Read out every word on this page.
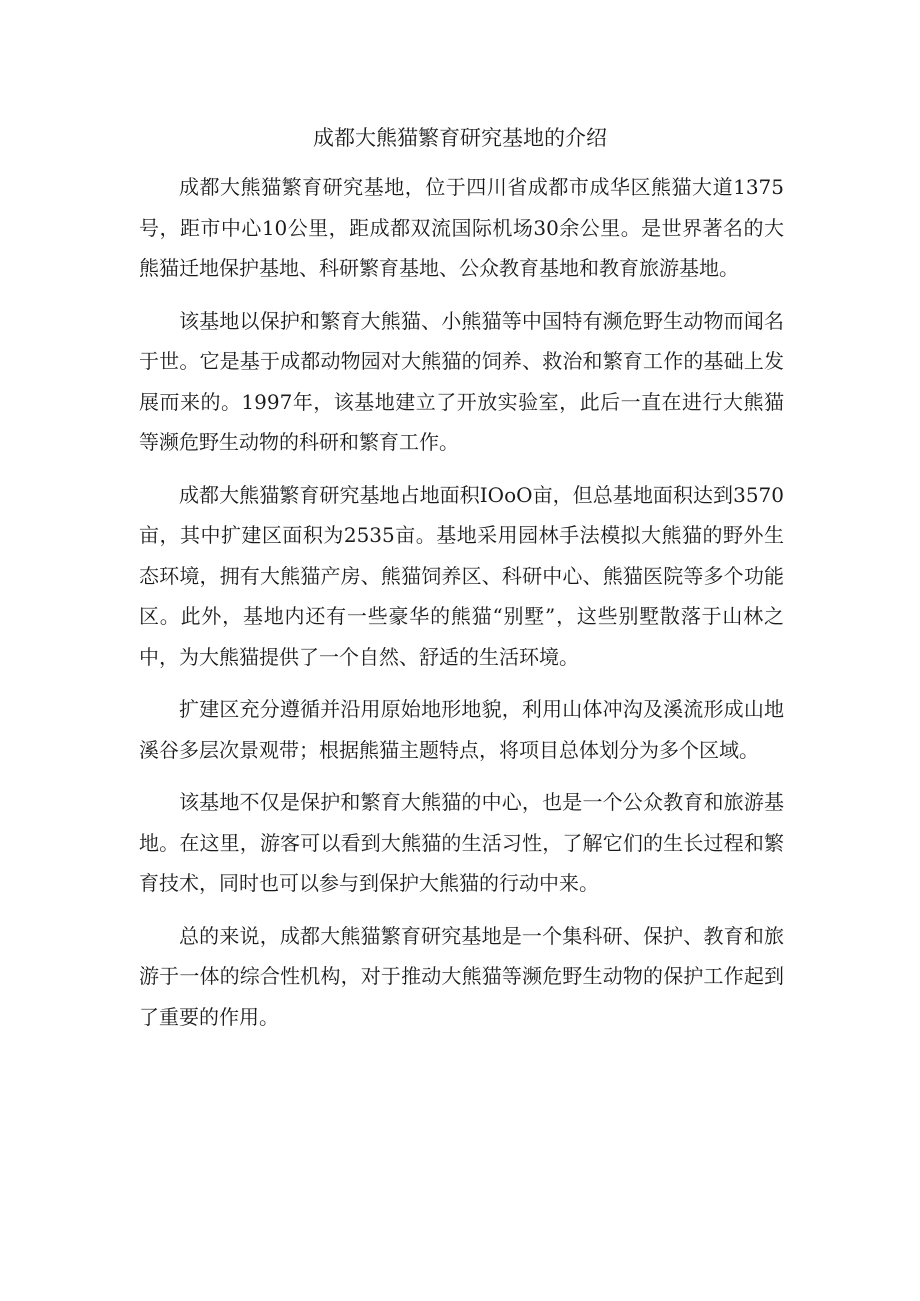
成都大熊猫繁育研究基地的介绍

成都大熊猫繁育研究基地，位于四川省成都市成华区熊猫大道1375号，距市中心10公里，距成都双流国际机场30余公里。是世界著名的大熊猫迁地保护基地、科研繁育基地、公众教育基地和教育旅游基地。

该基地以保护和繁育大熊猫、小熊猫等中国特有濒危野生动物而闻名于世。它是基于成都动物园对大熊猫的饲养、救治和繁育工作的基础上发展而来的。1997年，该基地建立了开放实验室，此后一直在进行大熊猫等濒危野生动物的科研和繁育工作。

成都大熊猫繁育研究基地占地面积IOoO亩，但总基地面积达到3570亩，其中扩建区面积为2535亩。基地采用园林手法模拟大熊猫的野外生态环境，拥有大熊猫产房、熊猫饲养区、科研中心、熊猫医院等多个功能区。此外，基地内还有一些豪华的熊猫“别墅”，这些别墅散落于山林之中，为大熊猫提供了一个自然、舒适的生活环境。

扩建区充分遵循并沿用原始地形地貌，利用山体冲沟及溪流形成山地溪谷多层次景观带；根据熊猫主题特点，将项目总体划分为多个区域。

该基地不仅是保护和繁育大熊猫的中心，也是一个公众教育和旅游基地。在这里，游客可以看到大熊猫的生活习性，了解它们的生长过程和繁育技术，同时也可以参与到保护大熊猫的行动中来。

总的来说，成都大熊猫繁育研究基地是一个集科研、保护、教育和旅游于一体的综合性机构，对于推动大熊猫等濒危野生动物的保护工作起到了重要的作用。
